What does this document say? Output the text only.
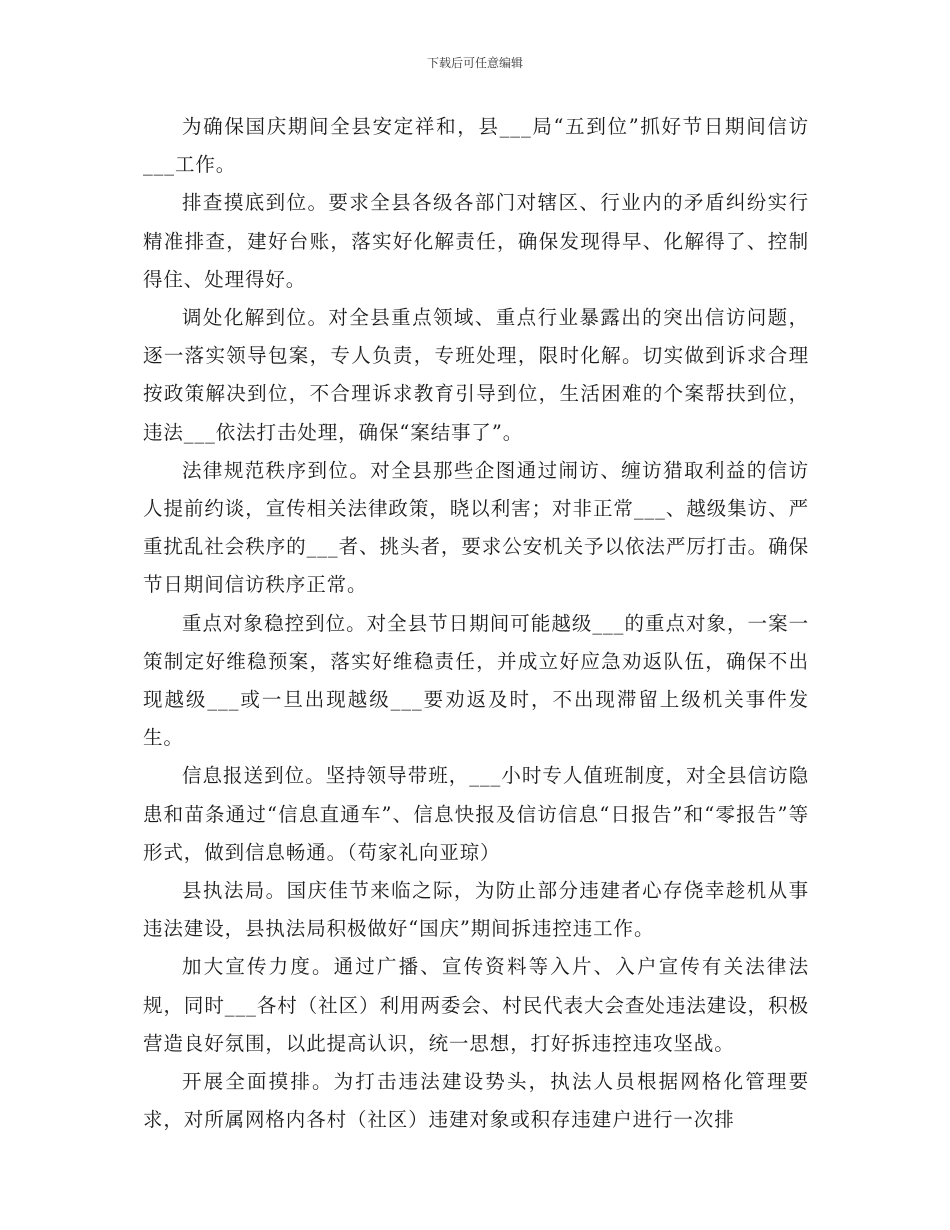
下载后可任意编辑

为确保国庆期间全县安定祥和，县___局“五到位”抓好节日期间信访___工作。

排查摸底到位。要求全县各级各部门对辖区、行业内的矛盾纠纷实行精准排查，建好台账，落实好化解责任，确保发现得早、化解得了、控制得住、处理得好。

调处化解到位。对全县重点领域、重点行业暴露出的突出信访问题，逐一落实领导包案，专人负责，专班处理，限时化解。切实做到诉求合理按政策解决到位，不合理诉求教育引导到位，生活困难的个案帮扶到位，违法___依法打击处理，确保“案结事了”。

法律规范秩序到位。对全县那些企图通过闹访、缠访猎取利益的信访人提前约谈，宣传相关法律政策，晓以利害；对非正常___、越级集访、严重扰乱社会秩序的___者、挑头者，要求公安机关予以依法严厉打击。确保节日期间信访秩序正常。

重点对象稳控到位。对全县节日期间可能越级___的重点对象，一案一策制定好维稳预案，落实好维稳责任，并成立好应急劝返队伍，确保不出现越级___或一旦出现越级___要劝返及时，不出现滞留上级机关事件发生。

信息报送到位。坚持领导带班，___小时专人值班制度，对全县信访隐患和苗条通过“信息直通车”、信息快报及信访信息“日报告”和“零报告”等形式，做到信息畅通。（苟家礼向亚琼）

县执法局。国庆佳节来临之际，为防止部分违建者心存侥幸趁机从事违法建设，县执法局积极做好“国庆”期间拆违控违工作。

加大宣传力度。通过广播、宣传资料等入片、入户宣传有关法律法规，同时___各村（社区）利用两委会、村民代表大会查处违法建设，积极营造良好氛围，以此提高认识，统一思想，打好拆违控违攻坚战。

开展全面摸排。为打击违法建设势头，执法人员根据网格化管理要求，对所属网格内各村（社区）违建对象或积存违建户进行一次排
